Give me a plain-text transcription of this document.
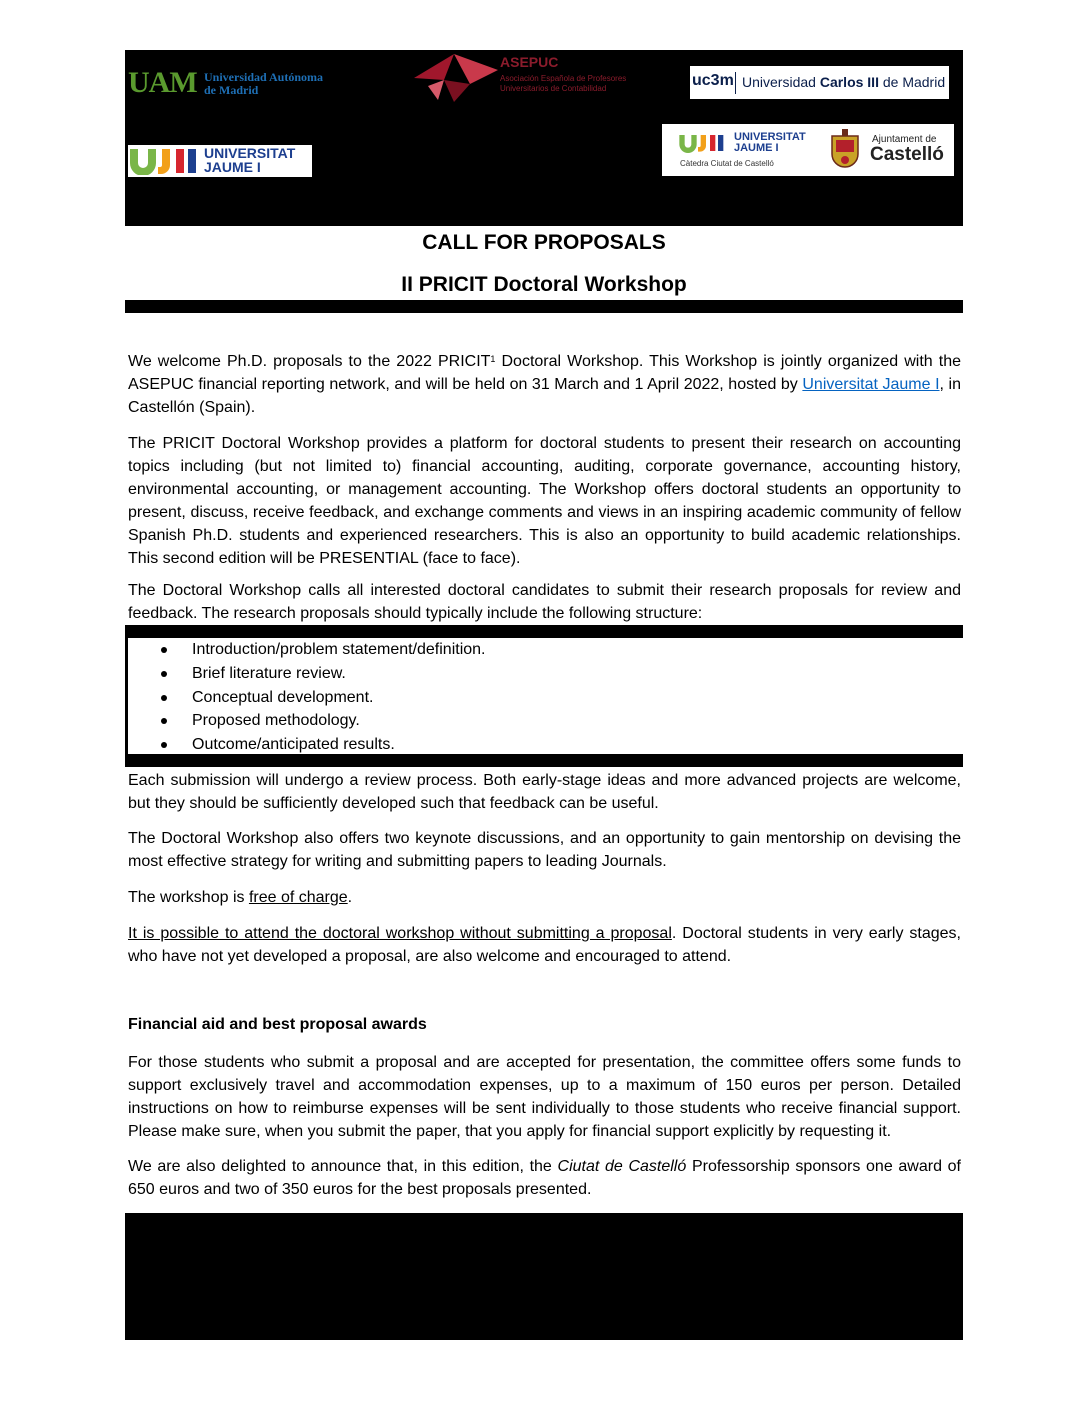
UAM Universidad Autónoma
de Madrid
ASEPUC
Asociación Española de Profesores
Universitarios de Contabilidad	uc3m Universidad Carlos III de Madrid
UNIVERSITAT
JAUME I
UNIVERSITAT
JAUME I
Càtedra Ciutat de Castelló
Ajuntament de
Castelló
CALL FOR PROPOSALS
II PRICIT Doctoral Workshop

We welcome Ph.D. proposals to the 2022 PRICIT$^1$ Doctoral Workshop. This Workshop is jointly organized with the ASEPUC financial reporting network, and will be held on 31 March and 1 April 2022, hosted by Universitat Jaume I, in Castellón (Spain).

The PRICIT Doctoral Workshop provides a platform for doctoral students to present their research on accounting topics including (but not limited to) financial accounting, auditing, corporate governance, accounting history, environmental accounting, or management accounting. The Workshop offers doctoral students an opportunity to present, discuss, receive feedback, and exchange comments and views in an inspiring academic community of fellow Spanish Ph.D. students and experienced researchers. This is also an opportunity to build academic relationships. This second edition will be PRESENTIAL (face to face).

The Doctoral Workshop calls all interested doctoral candidates to submit their research proposals for review and feedback. The research proposals should typically include the following structure:

Introduction/problem statement/definition.
Brief literature review.
Conceptual development.
Proposed methodology.
Outcome/anticipated results.

Each submission will undergo a review process. Both early-stage ideas and more advanced projects are welcome, but they should be sufficiently developed such that feedback can be useful.

The Doctoral Workshop also offers two keynote discussions, and an opportunity to gain mentorship on devising the most effective strategy for writing and submitting papers to leading Journals.

The workshop is free of charge.

It is possible to attend the doctoral workshop without submitting a proposal. Doctoral students in very early stages, who have not yet developed a proposal, are also welcome and encouraged to attend.

Financial aid and best proposal awards

For those students who submit a proposal and are accepted for presentation, the committee offers some funds to support exclusively travel and accommodation expenses, up to a maximum of 150 euros per person. Detailed instructions on how to reimburse expenses will be sent individually to those students who receive financial support. Please make sure, when you submit the paper, that you apply for financial support explicitly by requesting it.

We are also delighted to announce that, in this edition, the Ciutat de Castelló Professorship sponsors one award of 650 euros and two of 350 euros for the best proposals presented.
